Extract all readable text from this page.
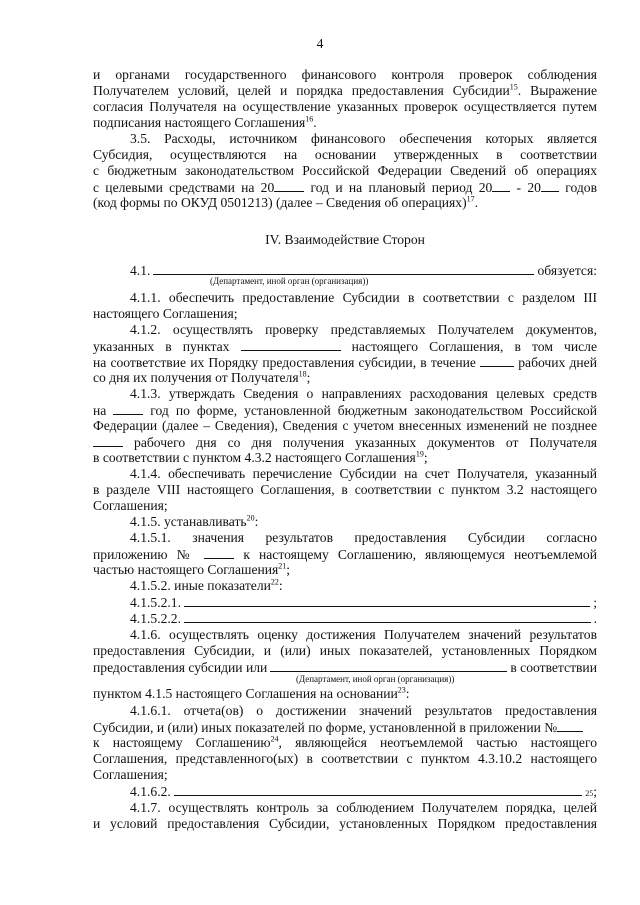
4
и органами государственного финансового контроля проверок соблюдения
Получателем условий, целей и порядка предоставления Субсидии$^{15}$. Выражение
согласия Получателя на осуществление указанных проверок осуществляется путем
подписания настоящего Соглашения$^{16}$.
3.5. Расходы, источником финансового обеспечения которых является
Субсидия, осуществляются на основании утвержденных в соответствии
с бюджетным законодательством Российской Федерации Сведений об операциях
с целевыми средствами на 20 год и на плановый период 20 - 20 годов
(код формы по ОКУД 0501213) (далее – Сведения об операциях)$^{17}$.
IV. Взаимодействие Сторон
4.1.	обязуется:
(Департамент, иной орган (организация))
4.1.1. обеспечить предоставление Субсидии в соответствии с разделом III
настоящего Соглашения;
4.1.2. осуществлять проверку представляемых Получателем документов,
указанных в пунктах	настоящего Соглашения, в том числе
на соответствие их Порядку предоставления субсидии, в течение	рабочих дней
со дня их получения от Получателя$^{18}$;
4.1.3. утверждать Сведения о направлениях расходования целевых средств
на	год по форме, установленной бюджетным законодательством Российской
Федерации (далее – Сведения), Сведения с учетом внесенных изменений не позднее
рабочего дня со дня получения указанных документов от Получателя
в соответствии с пунктом 4.3.2 настоящего Соглашения$^{19}$;
4.1.4. обеспечивать перечисление Субсидии на счет Получателя, указанный
в разделе VIII настоящего Соглашения, в соответствии с пунктом 3.2 настоящего
Соглашения;
4.1.5. устанавливать$^{20}$:
4.1.5.1. значения результатов предоставления Субсидии согласно
приложению №	к настоящему Соглашению, являющемуся неотъемлемой
частью настоящего Соглашения$^{21}$;
4.1.5.2. иные показатели$^{22}$:
4.1.5.2.1.	;
4.1.5.2.2.	.
4.1.6. осуществлять оценку достижения Получателем значений результатов
предоставления Субсидии, и (или) иных показателей, установленных Порядком
предоставления субсидии или	в соответствии
(Департамент, иной орган (организация))
пунктом 4.1.5 настоящего Соглашения на основании$^{23}$:
4.1.6.1. отчета(ов) о достижении значений результатов предоставления
Субсидии, и (или) иных показателей по форме, установленной в приложении №
к настоящему Соглашению$^{24}$, являющейся неотъемлемой частью настоящего
Соглашения, представленного(ых) в соответствии с пунктом 4.3.10.2 настоящего
Соглашения;
4.1.6.2.	25 ;
4.1.7. осуществлять контроль за соблюдением Получателем порядка, целей
и условий предоставления Субсидии, установленных Порядком предоставления
